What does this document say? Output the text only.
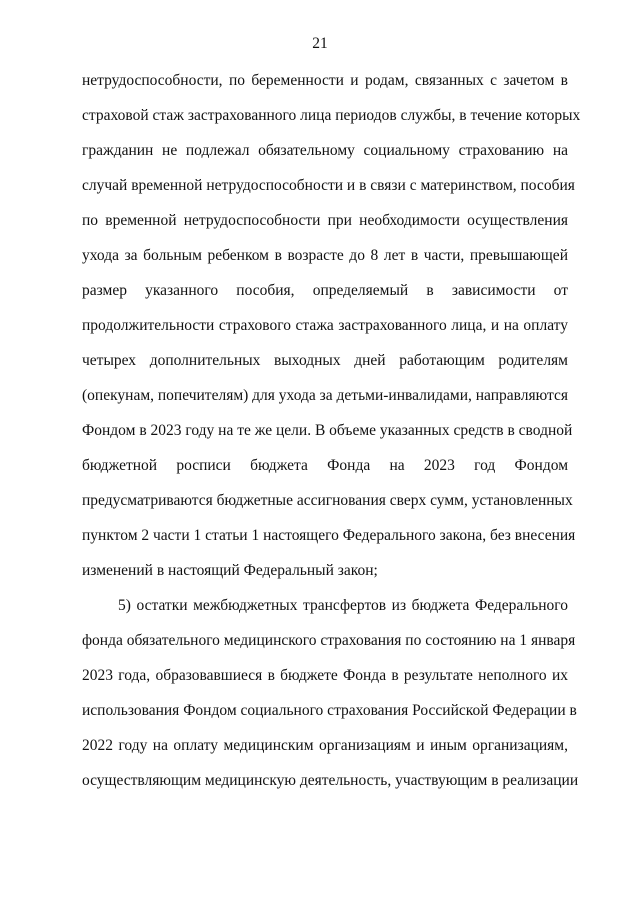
21
нетрудоспособности, по беременности и родам, связанных с зачетом в
страховой стаж застрахованного лица периодов службы, в течение которых
гражданин не подлежал обязательному социальному страхованию на
случай временной нетрудоспособности и в связи с материнством, пособия
по временной нетрудоспособности при необходимости осуществления
ухода за больным ребенком в возрасте до 8 лет в части, превышающей
размер указанного пособия, определяемый в зависимости от
продолжительности страхового стажа застрахованного лица, и на оплату
четырех дополнительных выходных дней работающим родителям
(опекунам, попечителям) для ухода за детьми-инвалидами, направляются
Фондом в 2023 году на те же цели. В объеме указанных средств в сводной
бюджетной росписи бюджета Фонда на 2023 год Фондом
предусматриваются бюджетные ассигнования сверх сумм, установленных
пунктом 2 части 1 статьи 1 настоящего Федерального закона, без внесения
изменений в настоящий Федеральный закон;
5) остатки межбюджетных трансфертов из бюджета Федерального
фонда обязательного медицинского страхования по состоянию на 1 января
2023 года, образовавшиеся в бюджете Фонда в результате неполного их
использования Фондом социального страхования Российской Федерации в
2022 году на оплату медицинским организациям и иным организациям,
осуществляющим медицинскую деятельность, участвующим в реализации
